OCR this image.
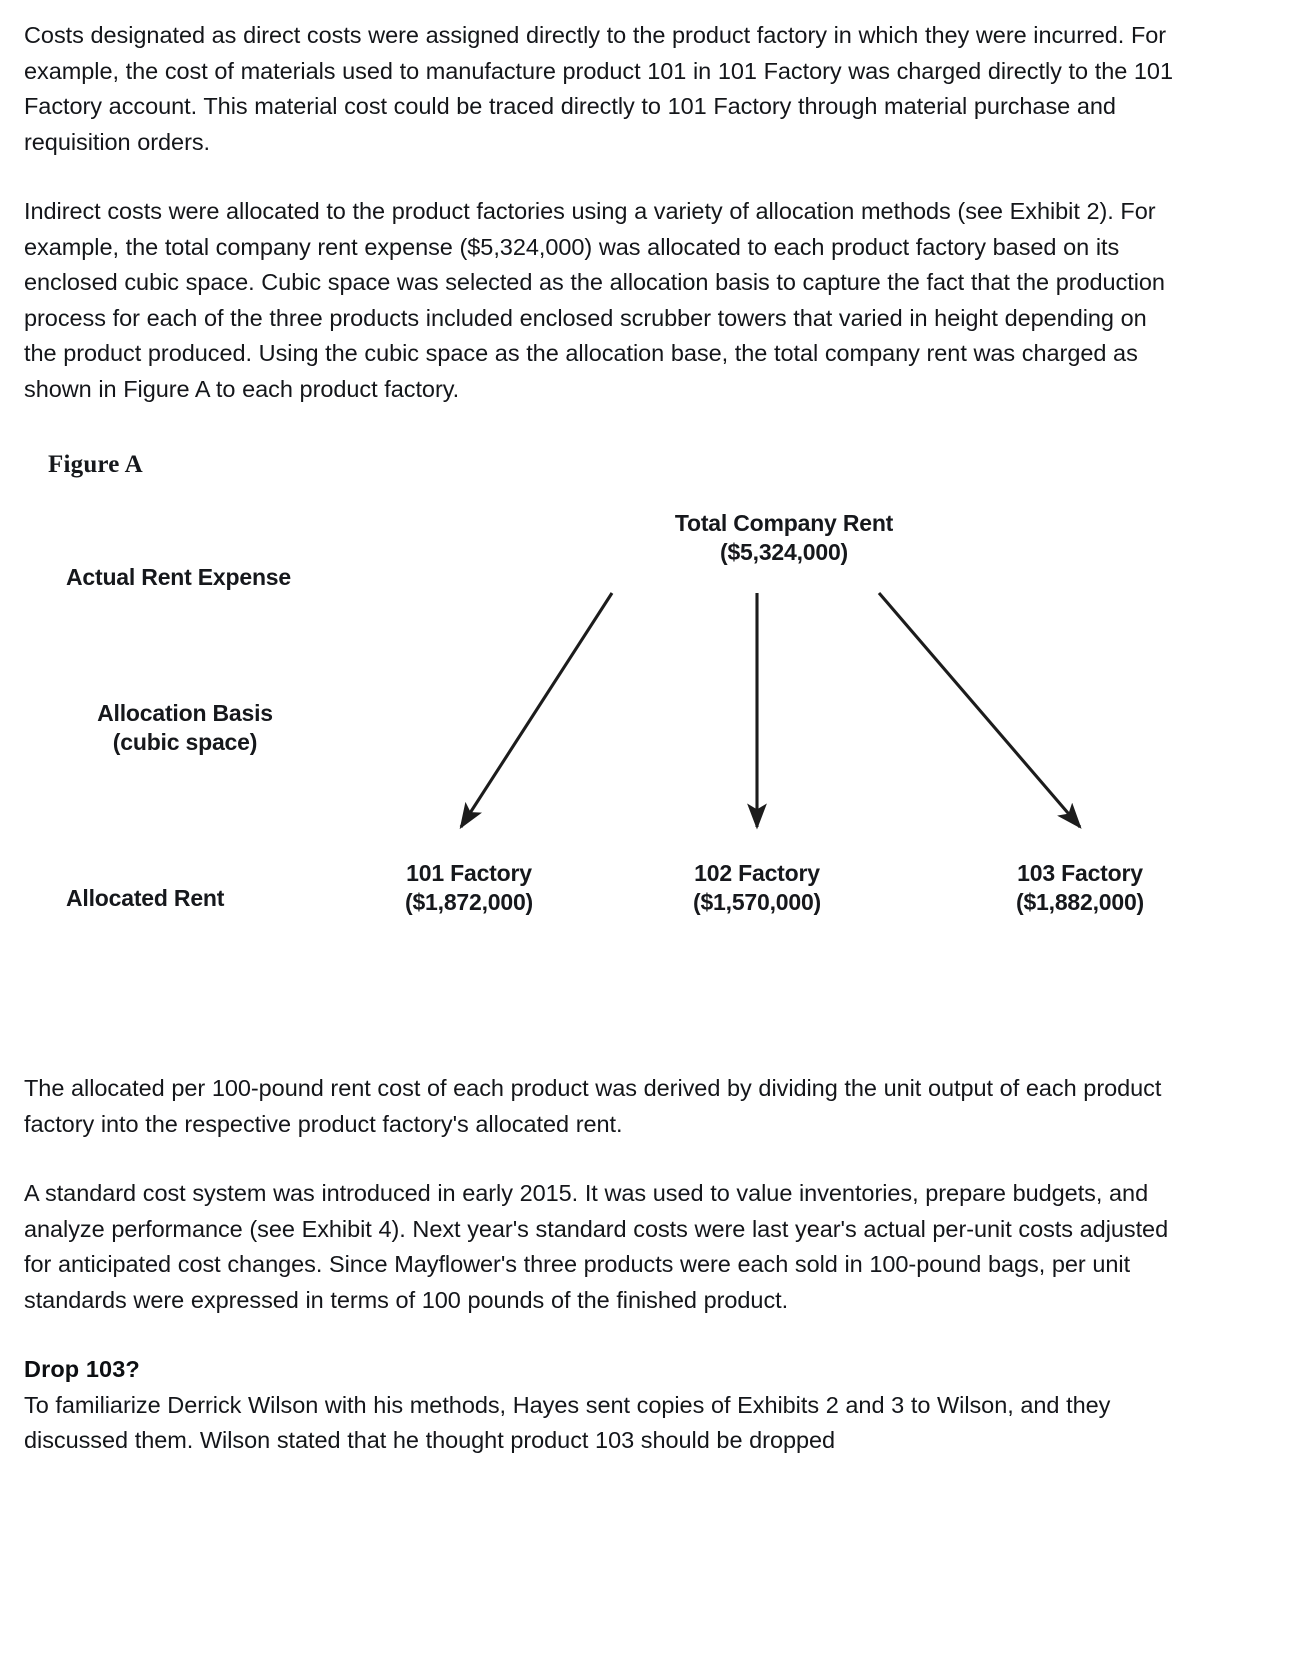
Costs designated as direct costs were assigned directly to the product factory in which they were incurred. For example, the cost of materials used to manufacture product 101 in 101 Factory was charged directly to the 101 Factory account. This material cost could be traced directly to 101 Factory through material purchase and requisition orders.

Indirect costs were allocated to the product factories using a variety of allocation methods (see Exhibit 2). For example, the total company rent expense ($5,324,000) was allocated to each product factory based on its enclosed cubic space. Cubic space was selected as the allocation basis to capture the fact that the production process for each of the three products included enclosed scrubber towers that varied in height depending on the product produced. Using the cubic space as the allocation base, the total company rent was charged as shown in Figure A to each product factory.

Figure A
Actual Rent Expense
Allocation Basis
(cubic space)
Allocated Rent
Total Company Rent
($5,324,000)
101 Factory
($1,872,000)
102 Factory
($1,570,000)
103 Factory
($1,882,000)

The allocated per 100-pound rent cost of each product was derived by dividing the unit output of each product factory into the respective product factory's allocated rent.

A standard cost system was introduced in early 2015. It was used to value inventories, prepare budgets, and analyze performance (see Exhibit 4). Next year's standard costs were last year's actual per-unit costs adjusted for anticipated cost changes. Since Mayflower's three products were each sold in 100-pound bags, per unit standards were expressed in terms of 100 pounds of the finished product.

Drop 103?

To familiarize Derrick Wilson with his methods, Hayes sent copies of Exhibits 2 and 3 to Wilson, and they discussed them. Wilson stated that he thought product 103 should be dropped
